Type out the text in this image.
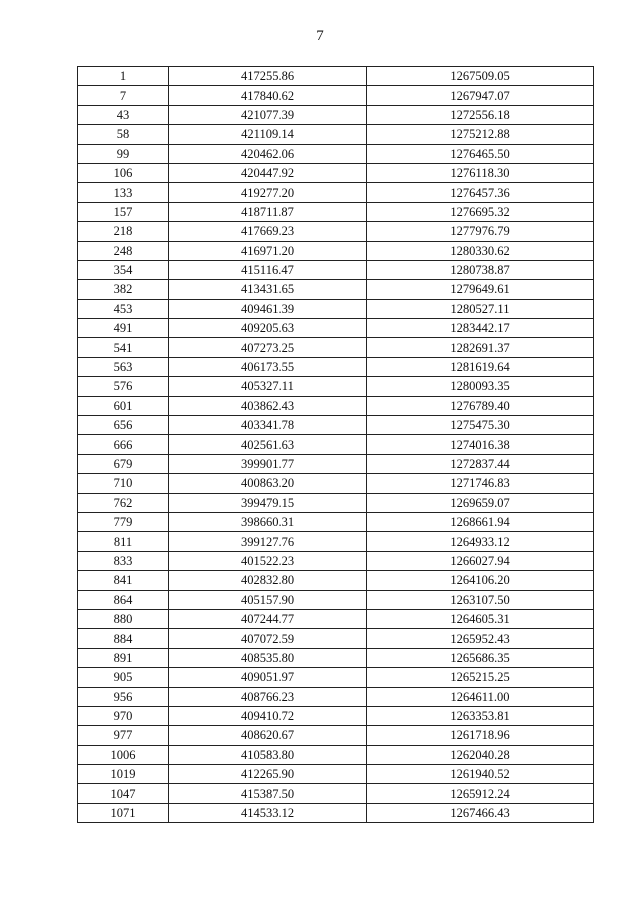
7
1	417255.86	1267509.05
7	417840.62	1267947.07
43	421077.39	1272556.18
58	421109.14	1275212.88
99	420462.06	1276465.50
106	420447.92	1276118.30
133	419277.20	1276457.36
157	418711.87	1276695.32
218	417669.23	1277976.79
248	416971.20	1280330.62
354	415116.47	1280738.87
382	413431.65	1279649.61
453	409461.39	1280527.11
491	409205.63	1283442.17
541	407273.25	1282691.37
563	406173.55	1281619.64
576	405327.11	1280093.35
601	403862.43	1276789.40
656	403341.78	1275475.30
666	402561.63	1274016.38
679	399901.77	1272837.44
710	400863.20	1271746.83
762	399479.15	1269659.07
779	398660.31	1268661.94
811	399127.76	1264933.12
833	401522.23	1266027.94
841	402832.80	1264106.20
864	405157.90	1263107.50
880	407244.77	1264605.31
884	407072.59	1265952.43
891	408535.80	1265686.35
905	409051.97	1265215.25
956	408766.23	1264611.00
970	409410.72	1263353.81
977	408620.67	1261718.96
1006	410583.80	1262040.28
1019	412265.90	1261940.52
1047	415387.50	1265912.24
1071	414533.12	1267466.43
